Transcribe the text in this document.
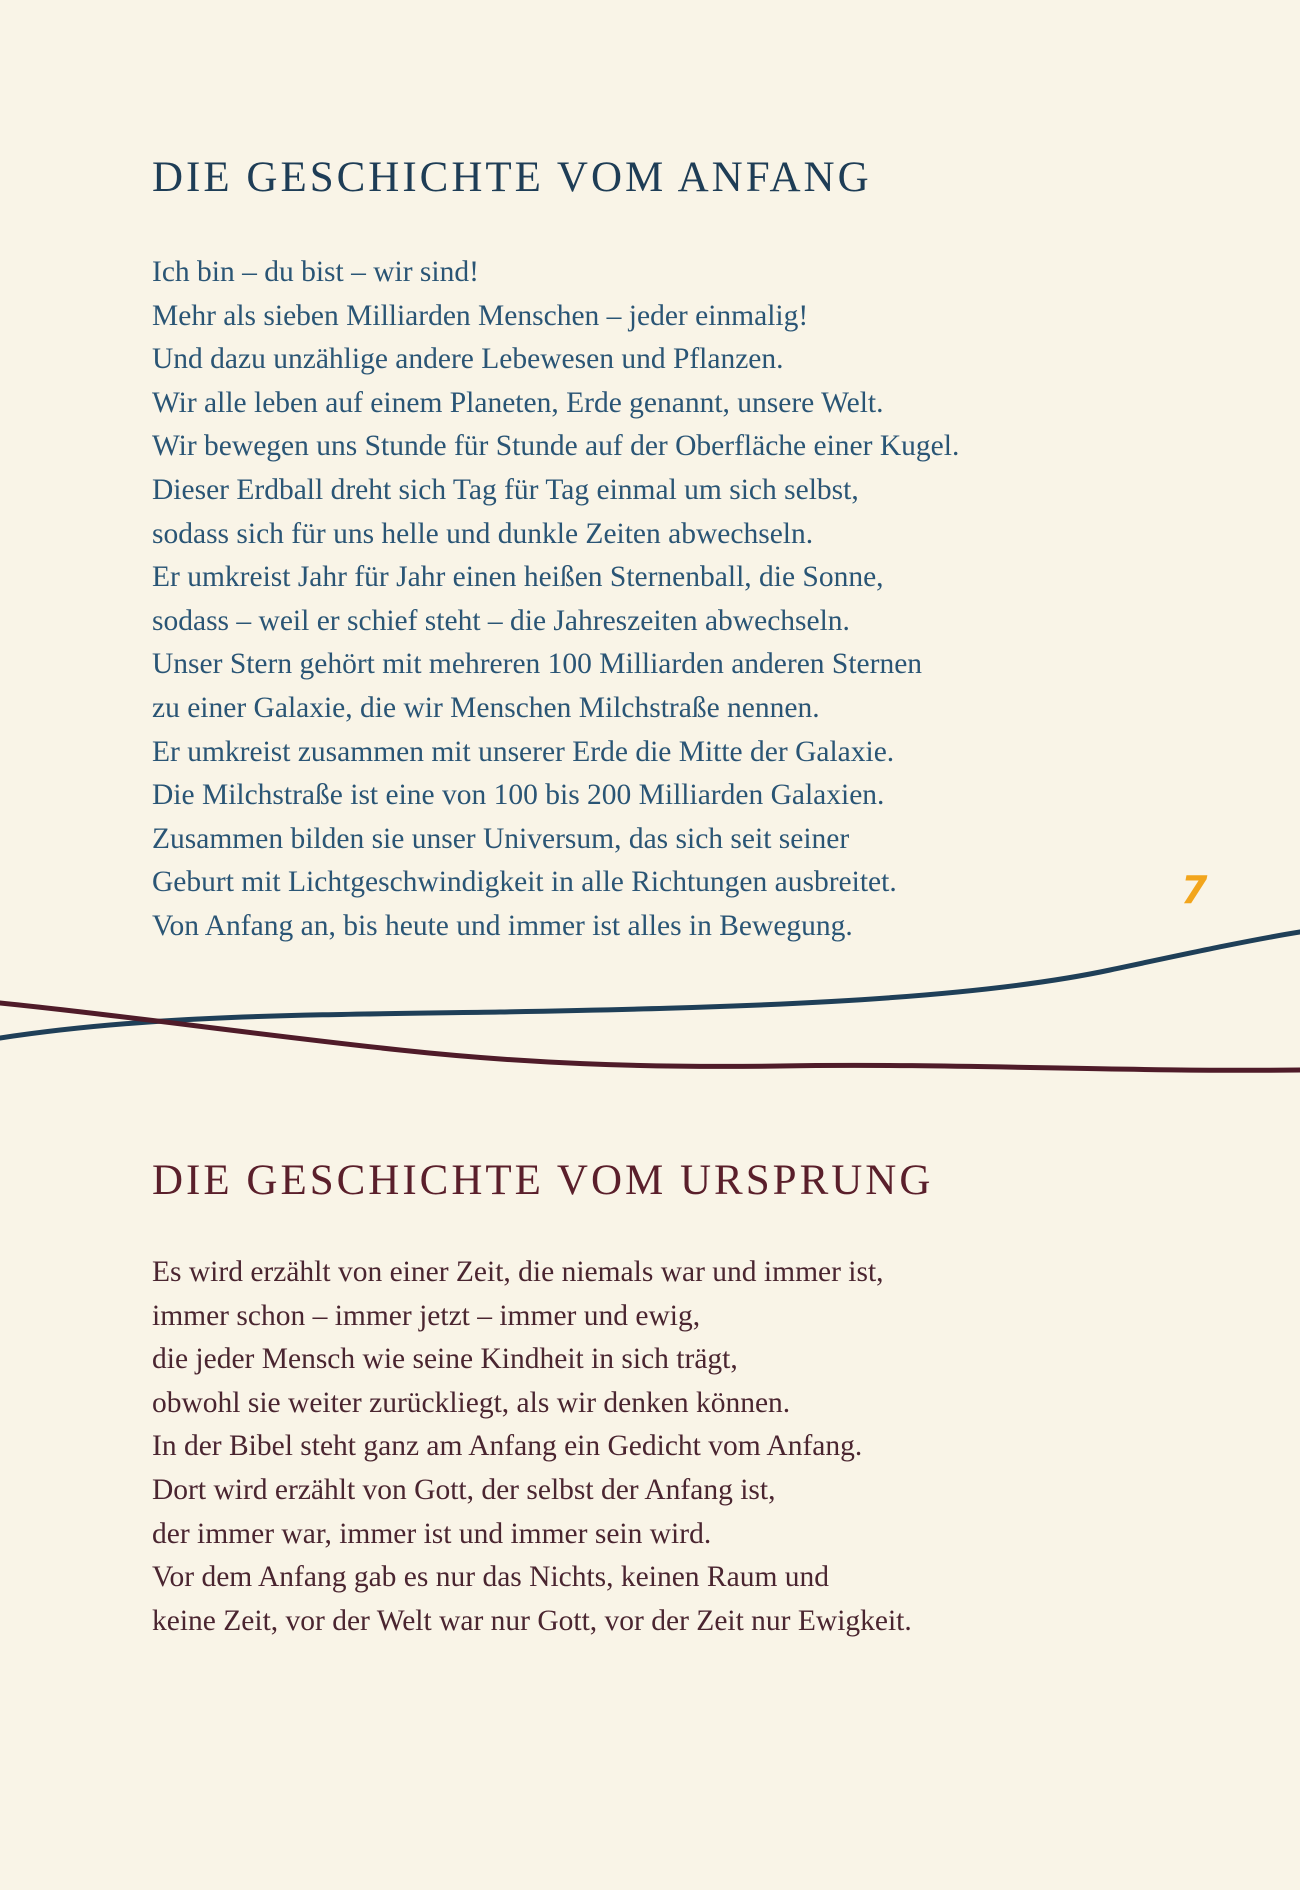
DIE GESCHICHTE VOM ANFANG
Ich bin – du bist – wir sind!
Mehr als sieben Milliarden Menschen – jeder einmalig!
Und dazu unzählige andere Lebewesen und Pflanzen.
Wir alle leben auf einem Planeten, Erde genannt, unsere Welt.
Wir bewegen uns Stunde für Stunde auf der Oberfläche einer Kugel.
Dieser Erdball dreht sich Tag für Tag einmal um sich selbst,
sodass sich für uns helle und dunkle Zeiten abwechseln.
Er umkreist Jahr für Jahr einen heißen Sternenball, die Sonne,
sodass – weil er schief steht – die Jahreszeiten abwechseln.
Unser Stern gehört mit mehreren 100 Milliarden anderen Sternen
zu einer Galaxie, die wir Menschen Milchstraße nennen.
Er umkreist zusammen mit unserer Erde die Mitte der Galaxie.
Die Milchstraße ist eine von 100 bis 200 Milliarden Galaxien.
Zusammen bilden sie unser Universum, das sich seit seiner
Geburt mit Lichtgeschwindigkeit in alle Richtungen ausbreitet.
Von Anfang an, bis heute und immer ist alles in Bewegung.
7
DIE GESCHICHTE VOM URSPRUNG
Es wird erzählt von einer Zeit, die niemals war und immer ist,
immer schon – immer jetzt – immer und ewig,
die jeder Mensch wie seine Kindheit in sich trägt,
obwohl sie weiter zurückliegt, als wir denken können.
In der Bibel steht ganz am Anfang ein Gedicht vom Anfang.
Dort wird erzählt von Gott, der selbst der Anfang ist,
der immer war, immer ist und immer sein wird.
Vor dem Anfang gab es nur das Nichts, keinen Raum und
keine Zeit, vor der Welt war nur Gott, vor der Zeit nur Ewigkeit.
